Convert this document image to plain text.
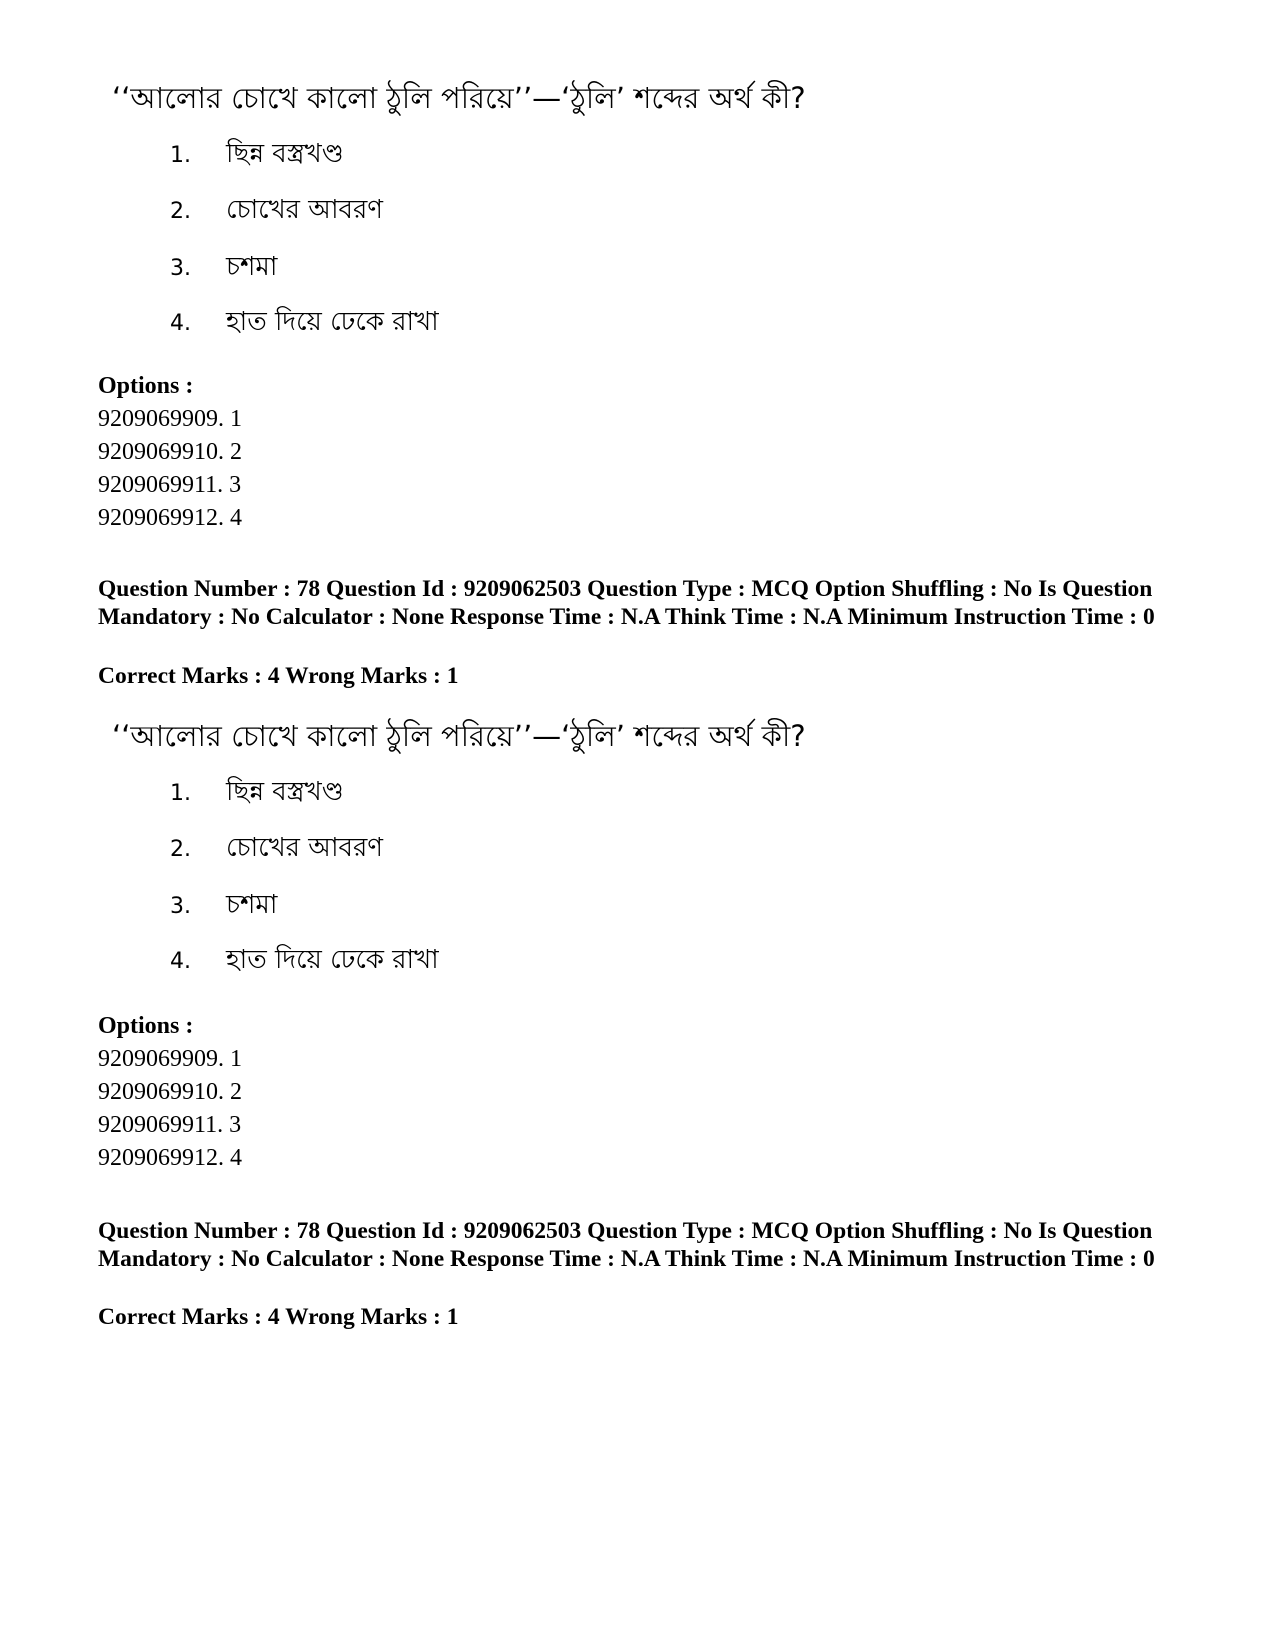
‘‘আলোর চোখে কালো ঠুলি পরিয়ে’’—‘ঠুলি’ শব্দের অর্থ কী?
1. ছিন্ন বস্ত্রখণ্ড
2. চোখের আবরণ
3. চশমা
4. হাত দিয়ে ঢেকে রাখা
Options :
9209069909. 1
9209069910. 2
9209069911. 3
9209069912. 4
Question Number : 78 Question Id : 9209062503 Question Type : MCQ Option Shuffling : No Is Question Mandatory : No Calculator : None Response Time : N.A Think Time : N.A Minimum Instruction Time : 0
Correct Marks : 4 Wrong Marks : 1
‘‘আলোর চোখে কালো ঠুলি পরিয়ে’’—‘ঠুলি’ শব্দের অর্থ কী?
1. ছিন্ন বস্ত্রখণ্ড
2. চোখের আবরণ
3. চশমা
4. হাত দিয়ে ঢেকে রাখা
Options :
9209069909. 1
9209069910. 2
9209069911. 3
9209069912. 4
Question Number : 78 Question Id : 9209062503 Question Type : MCQ Option Shuffling : No Is Question Mandatory : No Calculator : None Response Time : N.A Think Time : N.A Minimum Instruction Time : 0
Correct Marks : 4 Wrong Marks : 1
